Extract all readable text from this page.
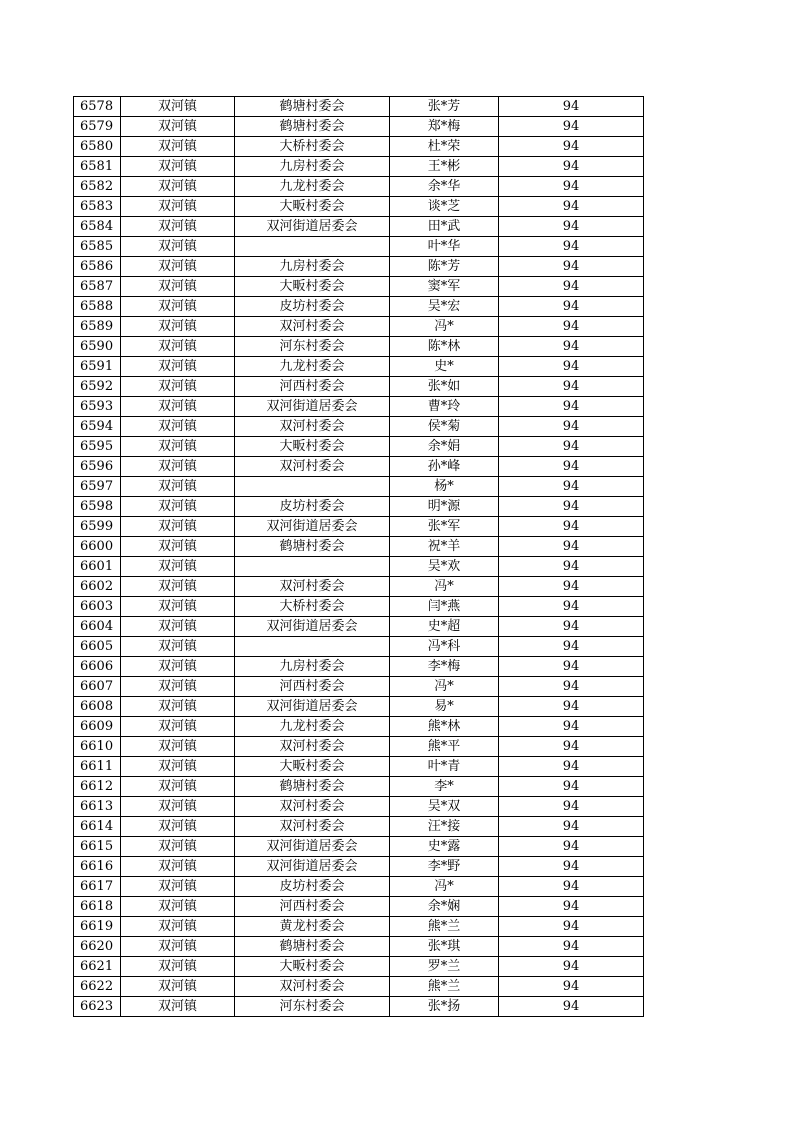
6578	双河镇	鹤塘村委会	张*芳	94
6579	双河镇	鹤塘村委会	郑*梅	94
6580	双河镇	大桥村委会	杜*荣	94
6581	双河镇	九房村委会	王*彬	94
6582	双河镇	九龙村委会	余*华	94
6583	双河镇	大畈村委会	谈*芝	94
6584	双河镇	双河街道居委会	田*武	94
6585	双河镇		叶*华	94
6586	双河镇	九房村委会	陈*芳	94
6587	双河镇	大畈村委会	窦*军	94
6588	双河镇	皮坊村委会	吴*宏	94
6589	双河镇	双河村委会	冯*	94
6590	双河镇	河东村委会	陈*林	94
6591	双河镇	九龙村委会	史*	94
6592	双河镇	河西村委会	张*如	94
6593	双河镇	双河街道居委会	曹*玲	94
6594	双河镇	双河村委会	侯*菊	94
6595	双河镇	大畈村委会	余*娟	94
6596	双河镇	双河村委会	孙*峰	94
6597	双河镇		杨*	94
6598	双河镇	皮坊村委会	明*源	94
6599	双河镇	双河街道居委会	张*军	94
6600	双河镇	鹤塘村委会	祝*羊	94
6601	双河镇		吴*欢	94
6602	双河镇	双河村委会	冯*	94
6603	双河镇	大桥村委会	闫*燕	94
6604	双河镇	双河街道居委会	史*超	94
6605	双河镇		冯*科	94
6606	双河镇	九房村委会	李*梅	94
6607	双河镇	河西村委会	冯*	94
6608	双河镇	双河街道居委会	易*	94
6609	双河镇	九龙村委会	熊*林	94
6610	双河镇	双河村委会	熊*平	94
6611	双河镇	大畈村委会	叶*青	94
6612	双河镇	鹤塘村委会	李*	94
6613	双河镇	双河村委会	吴*双	94
6614	双河镇	双河村委会	汪*接	94
6615	双河镇	双河街道居委会	史*露	94
6616	双河镇	双河街道居委会	李*野	94
6617	双河镇	皮坊村委会	冯*	94
6618	双河镇	河西村委会	余*娴	94
6619	双河镇	黄龙村委会	熊*兰	94
6620	双河镇	鹤塘村委会	张*琪	94
6621	双河镇	大畈村委会	罗*兰	94
6622	双河镇	双河村委会	熊*兰	94
6623	双河镇	河东村委会	张*扬	94
